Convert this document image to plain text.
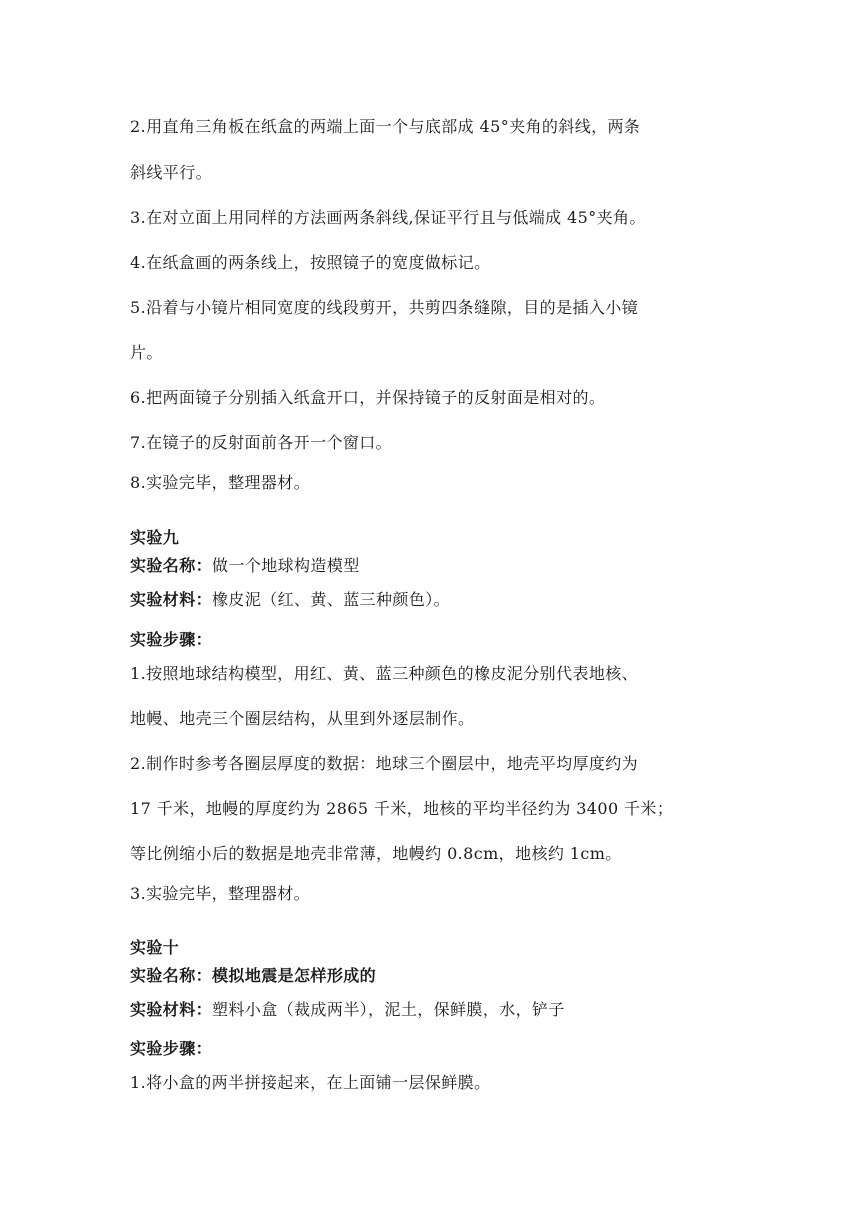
2.用直角三角板在纸盒的两端上面一个与底部成 45°夹角的斜线，两条
斜线平行。
3.在对立面上用同样的方法画两条斜线,保证平行且与低端成 45°夹角。
4.在纸盒画的两条线上，按照镜子的宽度做标记。
5.沿着与小镜片相同宽度的线段剪开，共剪四条缝隙，目的是插入小镜
片。
6.把两面镜子分别插入纸盒开口，并保持镜子的反射面是相对的。
7.在镜子的反射面前各开一个窗口。
8.实验完毕，整理器材。
实验九
实验名称：做一个地球构造模型
实验材料：橡皮泥（红、黄、蓝三种颜色）。
实验步骤：
1.按照地球结构模型，用红、黄、蓝三种颜色的橡皮泥分别代表地核、
地幔、地壳三个圈层结构，从里到外逐层制作。
2.制作时参考各圈层厚度的数据：地球三个圈层中，地壳平均厚度约为
17 千米，地幔的厚度约为 2865 千米，地核的平均半径约为 3400 千米；
等比例缩小后的数据是地壳非常薄，地幔约 0.8cm，地核约 1cm。
3.实验完毕，整理器材。
实验十
实验名称：模拟地震是怎样形成的
实验材料：塑料小盒（裁成两半），泥土，保鲜膜，水，铲子
实验步骤：
1.将小盒的两半拼接起来，在上面铺一层保鲜膜。
